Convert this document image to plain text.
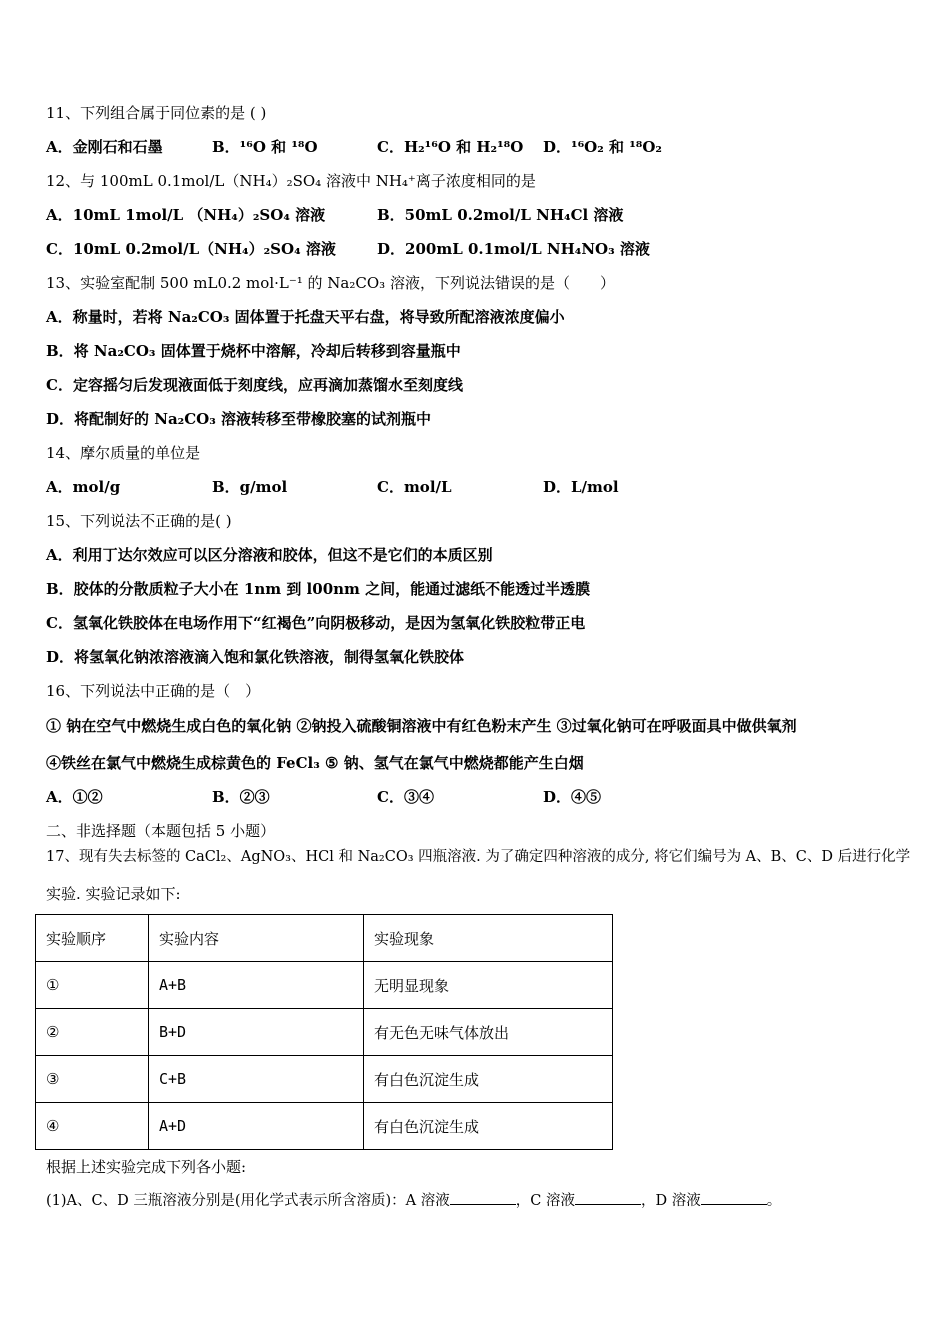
11、下列组合属于同位素的是 ( )
A．金刚石和石墨	B．¹⁶O 和 ¹⁸O	C．H₂¹⁶O 和 H₂¹⁸O D．¹⁶O₂ 和 ¹⁸O₂
12、与 100mL 0.1mol/L（NH₄）₂SO₄ 溶液中 NH₄⁺离子浓度相同的是
A．10mL 1mol/L （NH₄）₂SO₄ 溶液	B．50mL 0.2mol/L NH₄Cl 溶液
C．10mL 0.2mol/L（NH₄）₂SO₄ 溶液	D．200mL 0.1mol/L NH₄NO₃ 溶液
13、实验室配制 500 mL0.2 mol·L⁻¹ 的 Na₂CO₃ 溶液，下列说法错误的是（　　）
A．称量时，若将 Na₂CO₃ 固体置于托盘天平右盘，将导致所配溶液浓度偏小
B．将 Na₂CO₃ 固体置于烧杯中溶解，冷却后转移到容量瓶中
C．定容摇匀后发现液面低于刻度线，应再滴加蒸馏水至刻度线
D．将配制好的 Na₂CO₃ 溶液转移至带橡胶塞的试剂瓶中
14、摩尔质量的单位是
A．mol/g	B．g/mol	C．mol/L	D．L/mol
15、下列说法不正确的是( )
A．利用丁达尔效应可以区分溶液和胶体，但这不是它们的本质区别
B．胶体的分散质粒子大小在 1nm 到 l00nm 之间，能通过滤纸不能透过半透膜
C．氢氧化铁胶体在电场作用下“红褐色”向阴极移动，是因为氢氧化铁胶粒带正电
D．将氢氧化钠浓溶液滴入饱和氯化铁溶液，制得氢氧化铁胶体
16、下列说法中正确的是（　）
① 钠在空气中燃烧生成白色的氧化钠 ②钠投入硫酸铜溶液中有红色粉末产生 ③过氧化钠可在呼吸面具中做供氧剂
④铁丝在氯气中燃烧生成棕黄色的 FeCl₃ ⑤ 钠、氢气在氯气中燃烧都能产生白烟
A．①②	B．②③	C．③④	D．④⑤
二、非选择题（本题包括 5 小题）
17、现有失去标签的 CaCl₂、AgNO₃、HCl 和 Na₂CO₃ 四瓶溶液. 为了确定四种溶液的成分, 将它们编号为 A、B、C、D 后进行化学
实验. 实验记录如下:
实验顺序	实验内容	实验现象
①	A+B	无明显现象
②	B+D	有无色无味气体放出
③	C+B	有白色沉淀生成
④	A+D	有白色沉淀生成
根据上述实验完成下列各小题:
(1)A、C、D 三瓶溶液分别是(用化学式表示所含溶质)：A 溶液	，C 溶液	，D 溶液	。
